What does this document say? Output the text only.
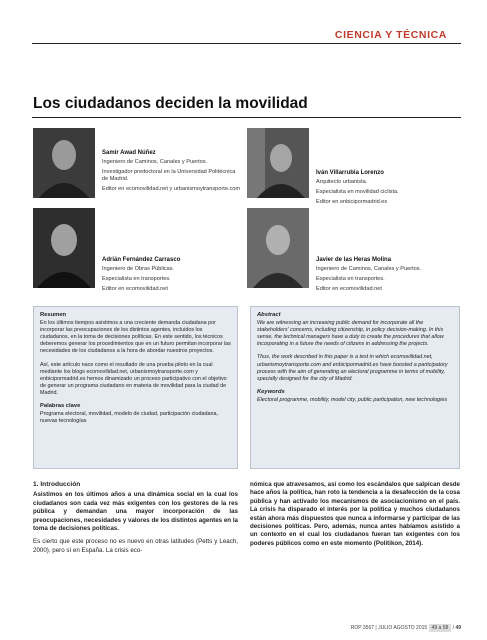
CIENCIA Y TÉCNICA
Los ciudadanos deciden la movilidad
Samir Awad Núñez

Ingeniero de Caminos, Canales y Puertos.

Investigador predoctoral en la Universidad Politécnica de Madrid.

Editor en ecomovilidad.net y urbanismoytransporte.com

Iván Villarrubia Lorenzo

Arquitecto urbanista.

Especialista en movilidad ciclista.

Editor en enbicipormadrid.es

Adrián Fernández Carrasco

Ingeniero de Obras Públicas.

Especialista en transportes.

Editor en ecomovilidad.net

Javier de las Heras Molina

Ingeniero de Caminos, Canales y Puertos.

Especialista en transportes.

Editor en ecomovilidad.net

Resumen

En los últimos tiempos asistimos a una creciente demanda ciudadana por incorporar las preocupaciones de los distintos agentes, incluidos los ciudadanos, en la toma de decisiones políticas. En este sentido, los técnicos deberemos generar los procedimientos que en un futuro permitan incorporar las necesidades de los ciudadanos a la hora de abordar nuestros proyectos.

Así, este artículo nace como el resultado de una prueba piloto en la cual mediante los blogs ecomovilidad.net, urbanismoytransporte.com y enbicipormadrid.es hemos dinamizado un proceso participativo con el objetivo de generar un programa ciudadano en materia de movilidad para la ciudad de Madrid.

Palabras clave

Programa electoral, movilidad, modelo de ciudad, participación ciudadana, nuevas tecnologías

Abstract

We are witnessing an increasing public demand for incorporate all the stakeholders' concerns, including citizenship, in policy decision-making. In this sense, the technical managers have a duty to create the procedures that allow incorporating in a future the needs of citizens in addressing the projects.

Thus, the work described in this paper is a test in which ecomovilidad.net, urbanismoytransporte.com and enbicipormadrid.es have boosted a participatory process with the aim of generating an electoral programme in terms of mobility, specially designed for the city of Madrid.

Keywords

Electoral programme, mobility, model city, public participation, new technologies

1. Introducción

Asistimos en los últimos años a una dinámica social en la cual los ciudadanos son cada vez más exigentes con los gestores de la res pública y demandan una mayor incorporación de las preocupaciones, necesidades y valores de los distintos agentes en la toma de decisiones políticas.

Es cierto que este proceso no es nuevo en otras latitudes (Petts y Leach, 2000), pero sí en España. La crisis eco-

nómica que atravesamos, así como los escándalos que salpican desde hace años la política, han roto la tendencia a la desafección de la cosa pública y han activado los mecanismos de asociacionismo en el país. La crisis ha disparado el interés por la política y muchos ciudadanos están ahora más dispuestos que nunca a informarse y participar de las decisiones políticas. Pero, además, nunca antes habíamos asistido a un contexto en el cual los ciudadanos fueran tan exigentes con los poderes públicos como en este momento (Politikon, 2014).

ROP 3567 | JULIO AGOSTO 2015 49 a 58 / 49
